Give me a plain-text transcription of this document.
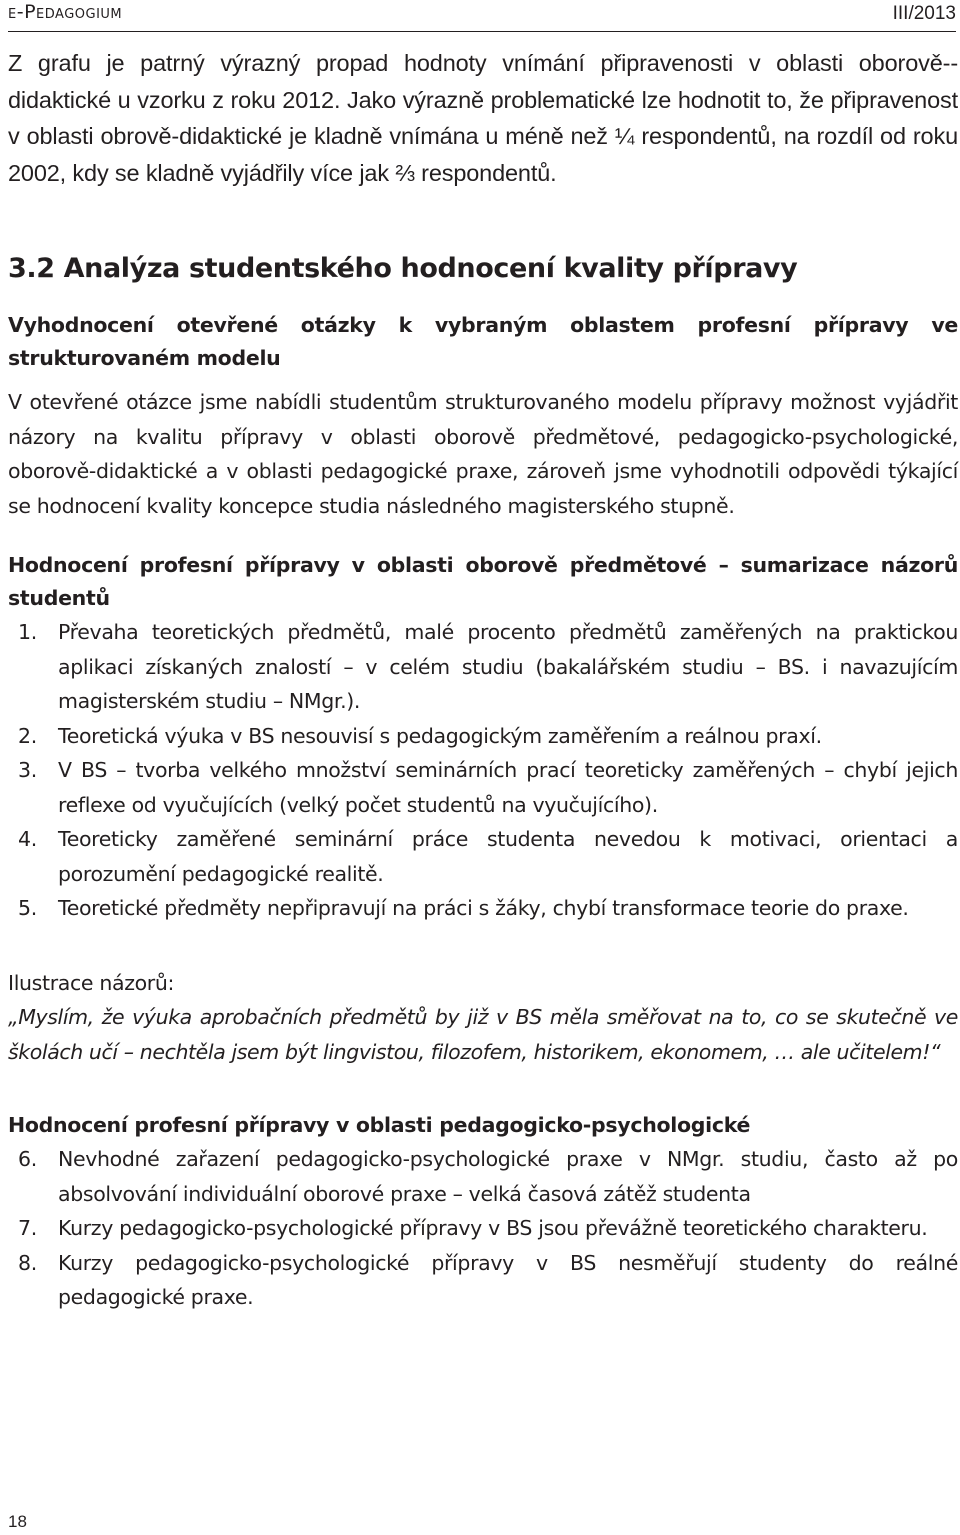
e-Pedagogium	III/2013

Z grafu je patrný výrazný propad hodnoty vnímání připravenosti v oblasti oborově--didaktické u vzorku z roku 2012. Jako výrazně problematické lze hodnotit to, že připravenost v oblasti obrově-didaktické je kladně vnímána u méně než ¼ respondentů, na rozdíl od roku 2002, kdy se kladně vyjádřily více jak ⅔ respondentů.

3.2 Analýza studentského hodnocení kvality přípravy
Vyhodnocení otevřené otázky k vybraným oblastem profesní přípravy ve strukturovaném modelu

V otevřené otázce jsme nabídli studentům strukturovaného modelu přípravy možnost vyjádřit názory na kvalitu přípravy v oblasti oborově předmětové, pedagogicko-psychologické, oborově-didaktické a v oblasti pedagogické praxe, zároveň jsme vyhodnotili odpovědi týkající se hodnocení kvality koncepce studia následného magisterského stupně.

Hodnocení profesní přípravy v oblasti oborově předmětové – sumarizace názorů studentů
1. Převaha teoretických předmětů, malé procento předmětů zaměřených na praktickou aplikaci získaných znalostí – v celém studiu (bakalářském studiu – BS. i navazujícím magisterském studiu – NMgr.).
2. Teoretická výuka v BS nesouvisí s pedagogickým zaměřením a reálnou praxí.
3. V BS – tvorba velkého množství seminárních prací teoreticky zaměřených – chybí jejich reflexe od vyučujících (velký počet studentů na vyučujícího).
4. Teoreticky zaměřené seminární práce studenta nevedou k motivaci, orientaci a porozumění pedagogické realitě.
5. Teoretické předměty nepřipravují na práci s žáky, chybí transformace teorie do praxe.

Ilustrace názorů:

„Myslím, že výuka aprobačních předmětů by již v BS měla směřovat na to, co se skutečně ve školách učí – nechtěla jsem být lingvistou, filozofem, historikem, ekonomem, … ale učitelem!“

Hodnocení profesní přípravy v oblasti pedagogicko-psychologické
6. Nevhodné zařazení pedagogicko-psychologické praxe v NMgr. studiu, často až po absolvování individuální oborové praxe – velká časová zátěž studenta
7. Kurzy pedagogicko-psychologické přípravy v BS jsou převážně teoretického charakteru.
8. Kurzy pedagogicko-psychologické přípravy v BS nesměřují studenty do reálné pedagogické praxe.
18
